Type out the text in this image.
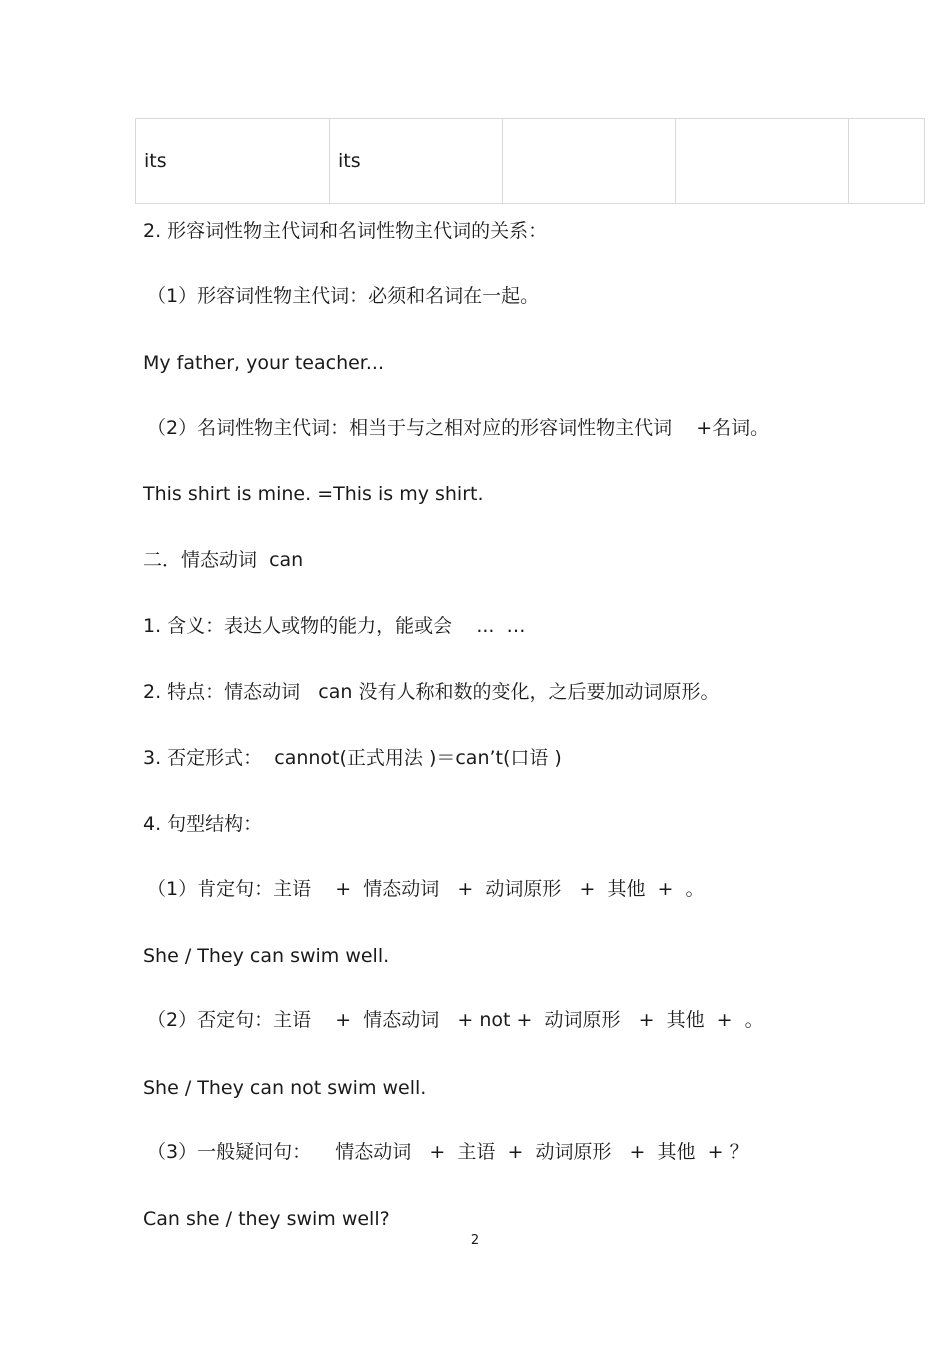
its	its			
2. 形容词性物主代词和名词性物主代词的关系：
（1）形容词性物主代词：必须和名词在一起。
My father, your teacher...
（2）名词性物主代词：相当于与之相对应的形容词性物主代词    +名词。
This shirt is mine. =This is my shirt.
二．情态动词  can
1. 含义：表达人或物的能力，能或会    ...  …
2. 特点：情态动词   can 没有人称和数的变化，之后要加动词原形。
3. 否定形式：  cannot(正式用法 )＝can’t(口语 )
4. 句型结构：
（1）肯定句：主语    +  情态动词   +  动词原形   +  其他  +  。
She / They can swim well.
（2）否定句：主语    +  情态动词   + not +  动词原形   +  其他  +  。
She / They can not swim well.
（3）一般疑问句：    情态动词   +  主语  +  动词原形   +  其他  + ？
Can she / they swim well?
2
